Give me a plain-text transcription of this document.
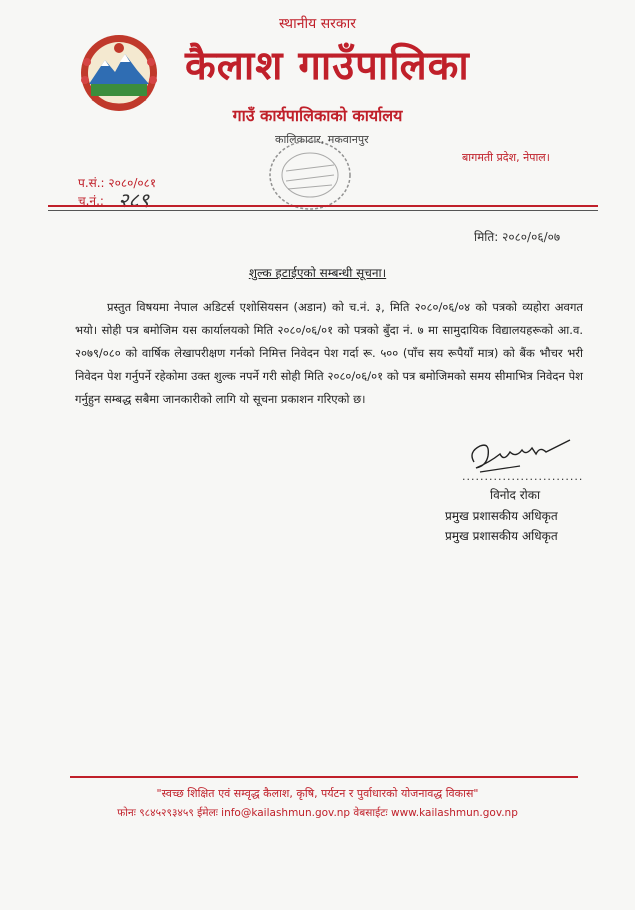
स्थानीय सरकार
कैलाश गाउँपालिका
गाउँ कार्यपालिकाको कार्यालय
कालिकाटार, मकवानपुर
बागमती प्रदेश, नेपाल।
प.सं.: २०८०/०८१
च.नं.: २८९
मिति: २०८०/०६/०७
शुल्क हटाईएको सम्बन्धी सूचना।

प्रस्तुत विषयमा नेपाल अडिटर्स एशोसियसन (अडान) को च.नं. ३, मिति २०८०/०६/०४ को पत्रको व्यहोरा अवगत भयो। सोही पत्र बमोजिम यस कार्यालयको मिति २०८०/०६/०१ को पत्रको बुँदा नं. ७ मा सामुदायिक विद्यालयहरूको आ.व. २०७९/०८० को वार्षिक लेखापरीक्षण गर्नको निमित्त निवेदन पेश गर्दा रू. ५०० (पाँच सय रूपैयाँ मात्र) को बैंक भौचर भरी निवेदन पेश गर्नुपर्ने रहेकोमा उक्त शुल्क नपर्ने गरी सोही मिति २०८०/०६/०१ को पत्र बमोजिमको समय सीमाभित्र निवेदन पेश गर्नुहुन सम्बद्ध सबैमा जानकारीको लागि यो सूचना प्रकाशन गरिएको छ।

...........................
विनोद रोका
प्रमुख प्रशासकीय अधिकृत
प्रमुख प्रशासकीय अधिकृत
"स्वच्छ शिक्षित एवं सम्वृद्ध कैलाश, कृषि, पर्यटन र पुर्वाधारको योजनावद्ध विकास"
फोनः ९८४५२९३४५९ ईमेलः info@kailashmun.gov.np वेबसाईटः www.kailashmun.gov.np
